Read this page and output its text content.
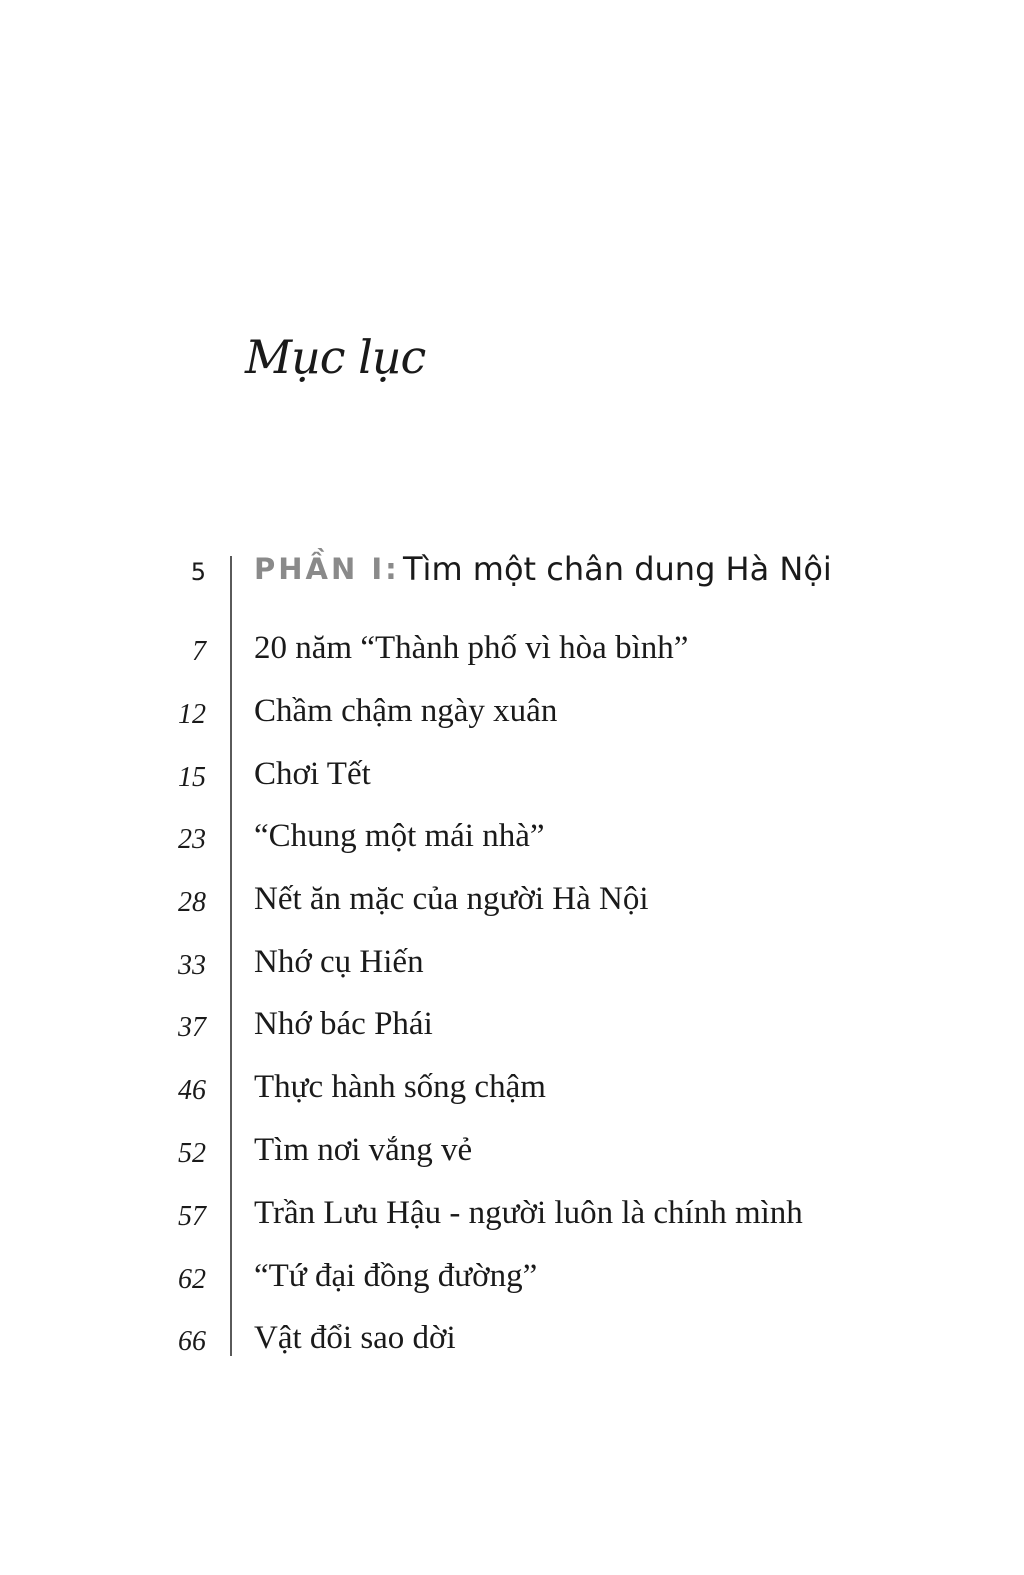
Mục lục
5 PHẦN I: Tìm một chân dung Hà Nội
7 20 năm “Thành phố vì hòa bình”
12 Chầm chậm ngày xuân
15 Chơi Tết
23 “Chung một mái nhà”
28 Nết ăn mặc của người Hà Nội
33 Nhớ cụ Hiến
37 Nhớ bác Phái
46 Thực hành sống chậm
52 Tìm nơi vắng vẻ
57 Trần Lưu Hậu - người luôn là chính mình
62 “Tứ đại đồng đường”
66 Vật đổi sao dời
